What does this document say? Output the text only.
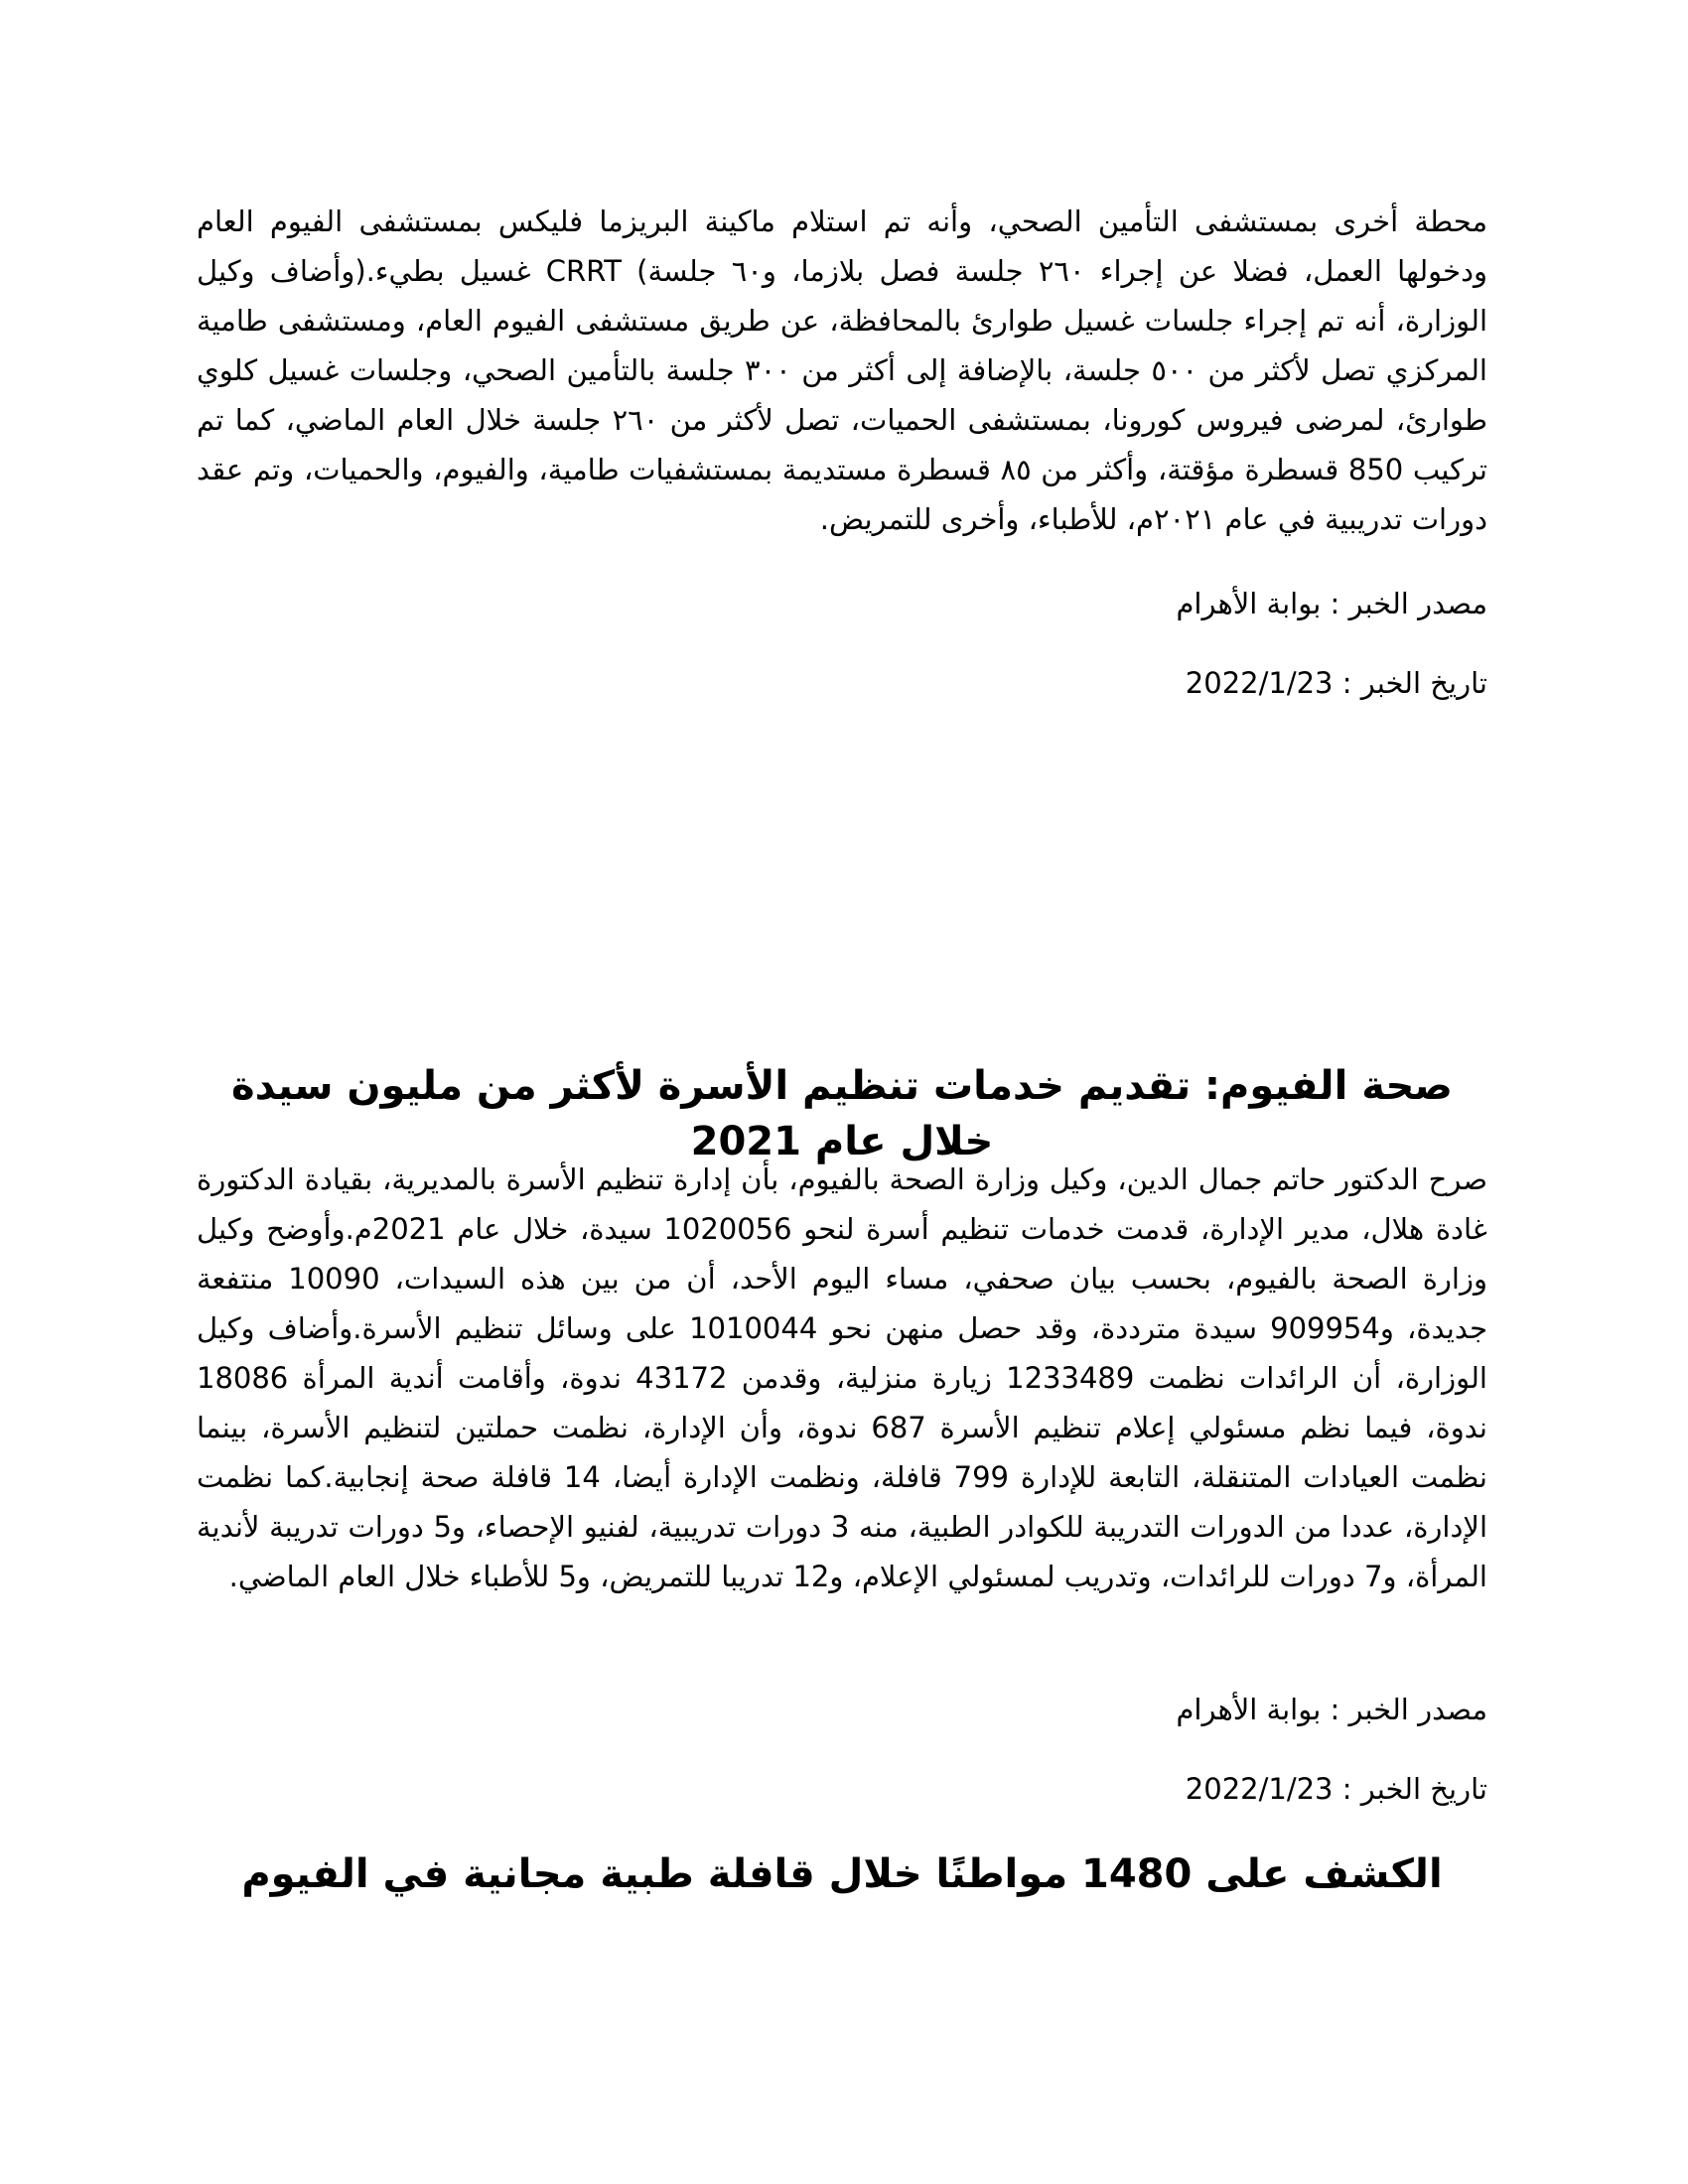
محطة أخرى بمستشفى التأمين الصحي، وأنه تم استلام ماكينة البريزما فليكس بمستشفى الفيوم العام ودخولها العمل، فضلا عن إجراء ٢٦٠ جلسة فصل بلازما، و٦٠ جلسة) CRRT غسيل بطيء.(وأضاف وكيل الوزارة، أنه تم إجراء جلسات غسيل طوارئ بالمحافظة، عن طريق مستشفى الفيوم العام، ومستشفى طامية المركزي تصل لأكثر من ٥٠٠ جلسة، بالإضافة إلى أكثر من ٣٠٠ جلسة بالتأمين الصحي، وجلسات غسيل كلوي طوارئ، لمرضى فيروس كورونا، بمستشفى الحميات، تصل لأكثر من ٢٦٠ جلسة خلال العام الماضي، كما تم تركيب 850 قسطرة مؤقتة، وأكثر من ٨٥ قسطرة مستديمة بمستشفيات طامية، والفيوم، والحميات، وتم عقد دورات تدريبية في عام ٢٠٢١م، للأطباء، وأخرى للتمريض.

مصدر الخبر : بوابة الأهرام

تاريخ الخبر : 2022/1/23

صحة الفيوم: تقديم خدمات تنظيم الأسرة لأكثر من مليون سيدة خلال عام 2021

صرح الدكتور حاتم جمال الدين، وكيل وزارة الصحة بالفيوم، بأن إدارة تنظيم الأسرة بالمديرية، بقيادة الدكتورة غادة هلال، مدير الإدارة، قدمت خدمات تنظيم أسرة لنحو 1020056 سيدة، خلال عام 2021م.وأوضح وكيل وزارة الصحة بالفيوم، بحسب بيان صحفي، مساء اليوم الأحد، أن من بين هذه السيدات، 10090 منتفعة جديدة، و909954 سيدة مترددة، وقد حصل منهن نحو 1010044 على وسائل تنظيم الأسرة.وأضاف وكيل الوزارة، أن الرائدات نظمت 1233489 زيارة منزلية، وقدمن 43172 ندوة، وأقامت أندية المرأة 18086 ندوة، فيما نظم مسئولي إعلام تنظيم الأسرة 687 ندوة، وأن الإدارة، نظمت حملتين لتنظيم الأسرة، بينما نظمت العيادات المتنقلة، التابعة للإدارة 799 قافلة، ونظمت الإدارة أيضا، 14 قافلة صحة إنجابية.كما نظمت الإدارة، عددا من الدورات التدريبة للكوادر الطبية، منه 3 دورات تدريبية، لفنيو الإحصاء، و5 دورات تدريبة لأندية المرأة، و7 دورات للرائدات، وتدريب لمسئولي الإعلام، و12 تدريبا للتمريض، و5 للأطباء خلال العام الماضي.

مصدر الخبر : بوابة الأهرام

تاريخ الخبر : 2022/1/23

الكشف على 1480 مواطنًا خلال قافلة طبية مجانية في الفيوم
